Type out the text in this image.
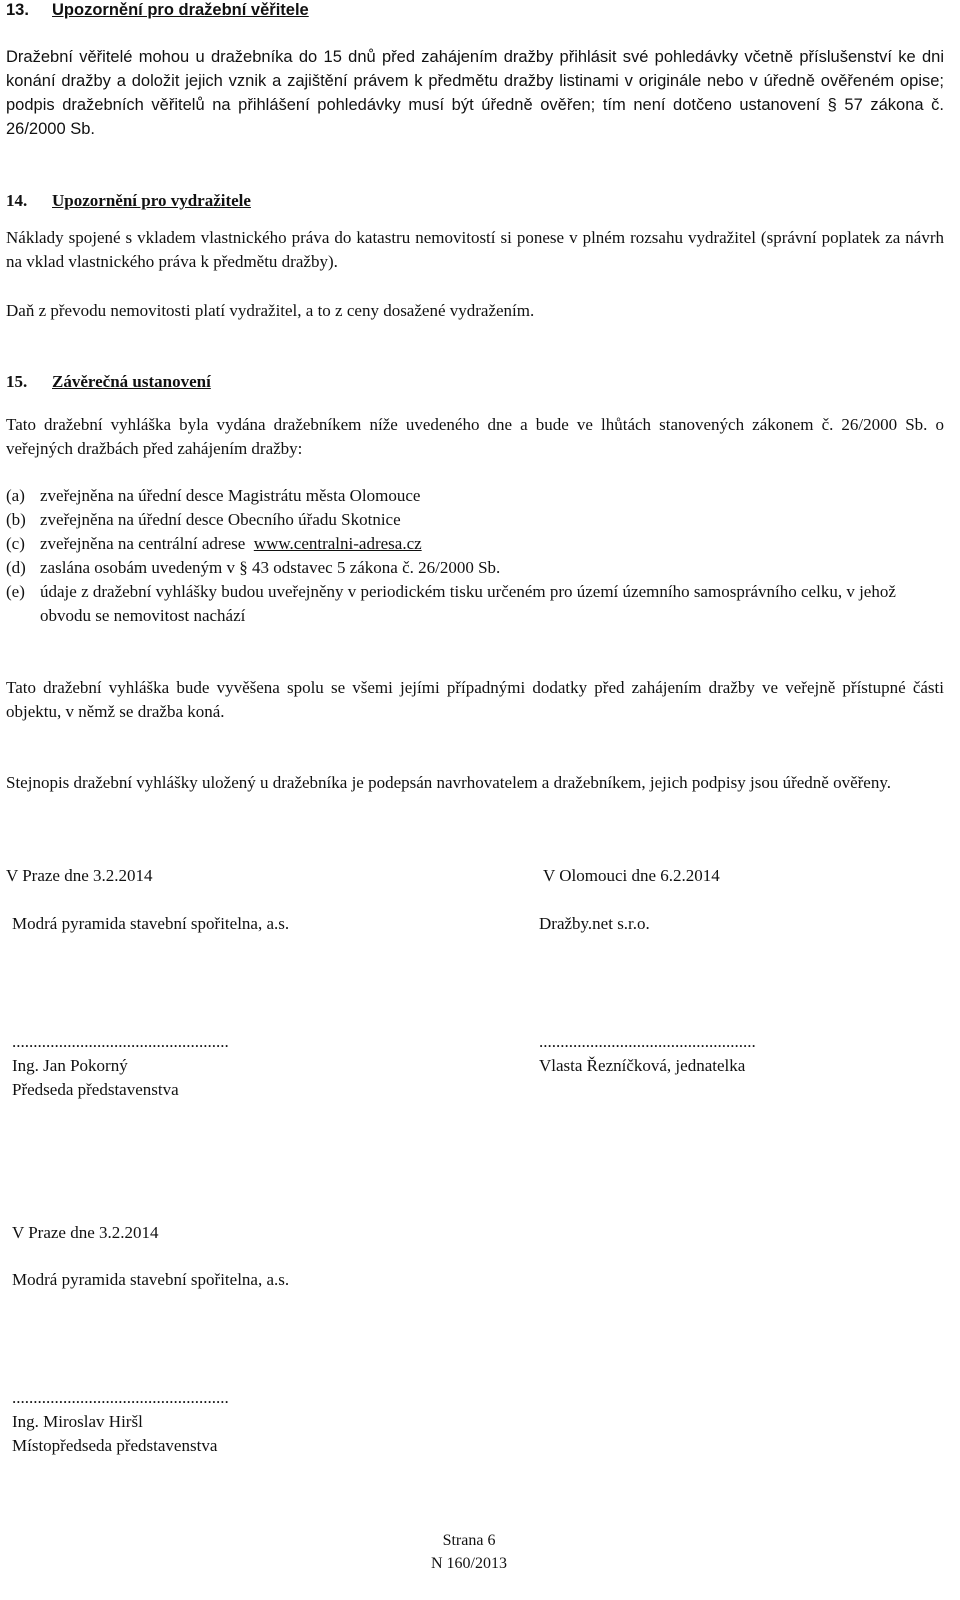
13. Upozornění pro dražební věřitele
Dražební věřitelé mohou u dražebníka do 15 dnů před zahájením dražby přihlásit své pohledávky včetně příslušenství ke dni konání dražby a doložit jejich vznik a zajištění právem k předmětu dražby listinami v originále nebo v úředně ověřeném opise; podpis dražebních věřitelů na přihlášení pohledávky musí být úředně ověřen; tím není dotčeno ustanovení § 57 zákona č. 26/2000 Sb.
14. Upozornění pro vydražitele
Náklady spojené s vkladem vlastnického práva do katastru nemovitostí si ponese v plném rozsahu vydražitel (správní poplatek za návrh na vklad vlastnického práva k předmětu dražby).
Daň z převodu nemovitosti platí vydražitel, a to z ceny dosažené vydražením.
15. Závěrečná ustanovení
Tato dražební vyhláška byla vydána dražebníkem níže uvedeného dne a bude ve lhůtách stanovených zákonem č. 26/2000 Sb. o veřejných dražbách před zahájením dražby:
(a) zveřejněna na úřední desce Magistrátu města Olomouce
(b) zveřejněna na úřední desce Obecního úřadu Skotnice
(c) zveřejněna na centrální adrese www.centralni-adresa.cz
(d) zaslána osobám uvedeným v § 43 odstavec 5 zákona č. 26/2000 Sb.
(e) údaje z dražební vyhlášky budou uveřejněny v periodickém tisku určeném pro území územního samosprávního celku, v jehož obvodu se nemovitost nachází
Tato dražební vyhláška bude vyvěšena spolu se všemi jejími případnými dodatky před zahájením dražby ve veřejně přístupné části objektu, v němž se dražba koná.
Stejnopis dražební vyhlášky uložený u dražebníka je podepsán navrhovatelem a dražebníkem, jejich podpisy jsou úředně ověřeny.
V Praze dne 3.2.2014	V Olomouci dne 6.2.2014
Modrá pyramida stavební spořitelna, a.s.	Dražby.net s.r.o.
...................................................	...................................................
Ing. Jan Pokorný	Vlasta Řezníčková, jednatelka
Předseda představenstva
V Praze dne 3.2.2014
Modrá pyramida stavební spořitelna, a.s.
...................................................
Ing. Miroslav Hiršl
Místopředseda představenstva
Strana 6
N 160/2013
